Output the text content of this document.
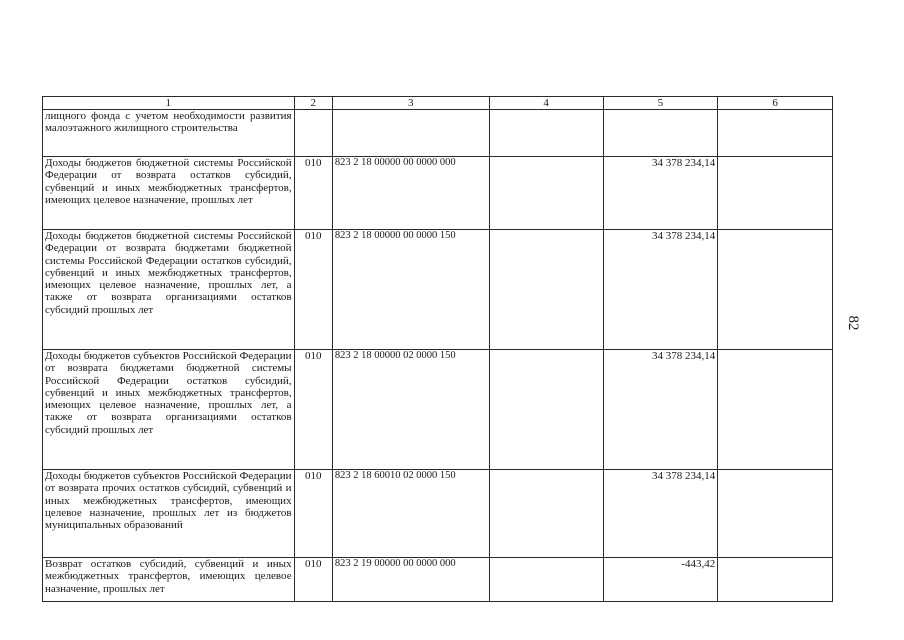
1	2	3	4	5	6
лищного фонда с учетом необходимости развития малоэтажного жилищного строительства					
Доходы бюджетов бюджетной системы Российской Федерации от возврата остатков субсидий, субвенций и иных межбюджетных трансфертов, имеющих целевое назначение, прошлых лет	010	823 2 18 00000 00 0000 000		34 378 234,14	
Доходы бюджетов бюджетной системы Российской Федерации от возврата бюджетами бюджетной системы Российской Федерации остатков субсидий, субвенций и иных межбюджетных трансфертов, имеющих целевое назначение, прошлых лет, а также от возврата организациями остатков субсидий прошлых лет	010	823 2 18 00000 00 0000 150		34 378 234,14	
Доходы бюджетов субъектов Российской Федерации от возврата бюджетами бюджетной системы Российской Федерации остатков субсидий, субвенций и иных межбюджетных трансфертов, имеющих целевое назначение, прошлых лет, а также от возврата организациями остатков субсидий прошлых лет	010	823 2 18 00000 02 0000 150		34 378 234,14	
Доходы бюджетов субъектов Российской Федерации от возврата прочих остатков субсидий, субвенций и иных межбюджетных трансфертов, имеющих целевое назначение, прошлых лет из бюджетов муниципальных образований	010	823 2 18 60010 02 0000 150		34 378 234,14	
Возврат остатков субсидий, субвенций и иных межбюджетных трансфертов, имеющих целевое назначение, прошлых лет	010	823 2 19 00000 00 0000 000		-443,42	
82
